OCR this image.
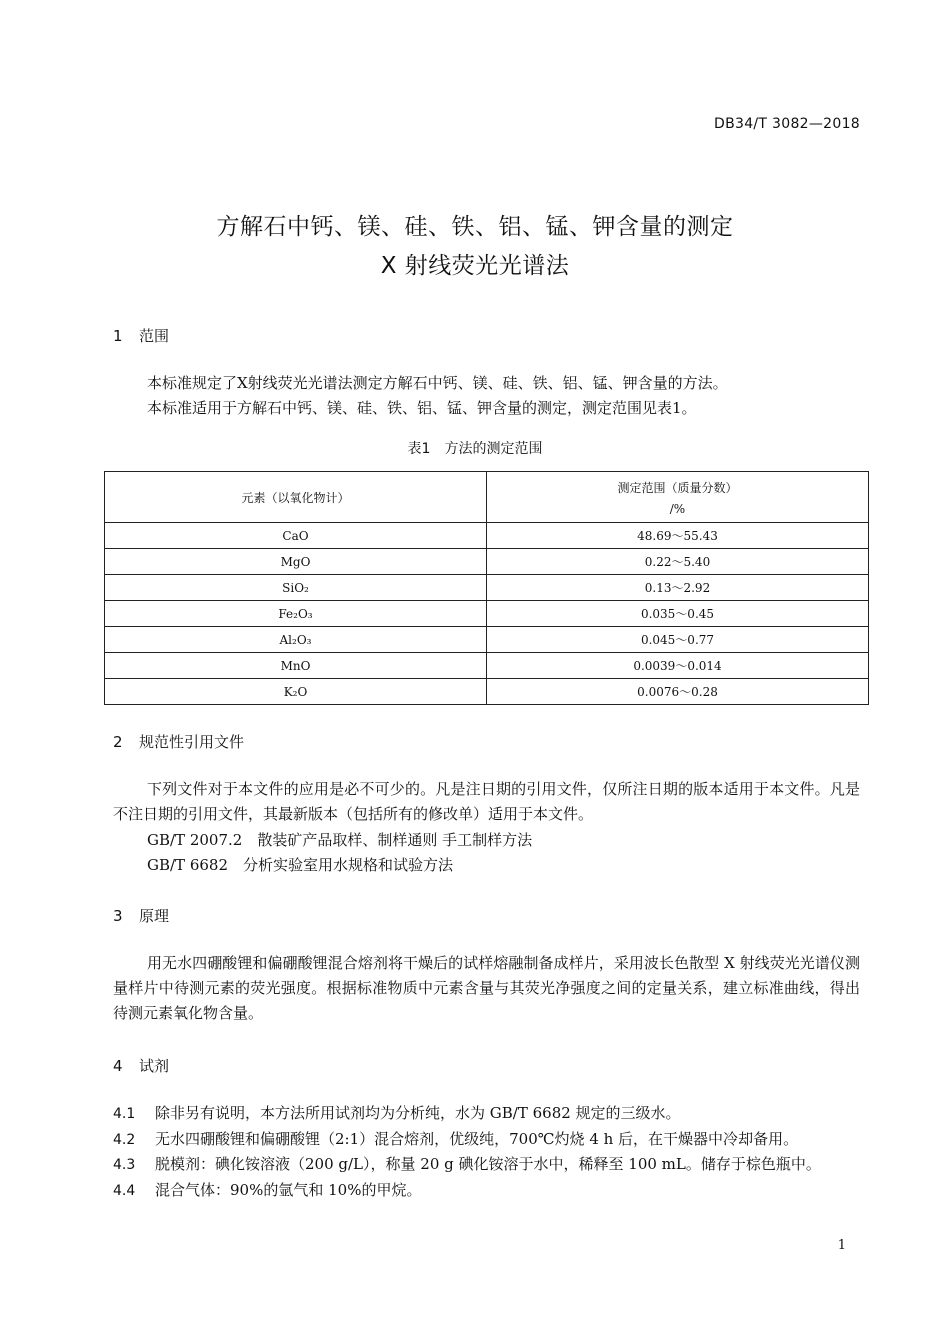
DB34/T 3082—2018
方解石中钙、镁、硅、铁、铝、锰、钾含量的测定
X 射线荧光光谱法
1 范围

本标准规定了X射线荧光光谱法测定方解石中钙、镁、硅、铁、铝、锰、钾含量的方法。

本标准适用于方解石中钙、镁、硅、铁、铝、锰、钾含量的测定，测定范围见表1。

表1　方法的测定范围
元素（以氧化物计）	测定范围（质量分数）
/%

CaO	48.69～55.43
MgO	0.22～5.40
SiO₂	0.13～2.92
Fe₂O₃	0.035～0.45
Al₂O₃	0.045～0.77
MnO	0.0039～0.014
K₂O	0.0076～0.28
2 规范性引用文件

下列文件对于本文件的应用是必不可少的。凡是注日期的引用文件，仅所注日期的版本适用于本文件。凡是不注日期的引用文件，其最新版本（包括所有的修改单）适用于本文件。

GB/T 2007.2　散装矿产品取样、制样通则 手工制样方法
GB/T 6682　分析实验室用水规格和试验方法
3 原理

用无水四硼酸锂和偏硼酸锂混合熔剂将干燥后的试样熔融制备成样片，采用波长色散型 X 射线荧光光谱仪测量样片中待测元素的荧光强度。根据标准物质中元素含量与其荧光净强度之间的定量关系，建立标准曲线，得出待测元素氧化物含量。

4 试剂
4.1 除非另有说明，本方法所用试剂均为分析纯，水为 GB/T 6682 规定的三级水。
4.2 无水四硼酸锂和偏硼酸锂（2:1）混合熔剂，优级纯，700℃灼烧 4 h 后，在干燥器中冷却备用。
4.3 脱模剂：碘化铵溶液（200 g/L），称量 20 g 碘化铵溶于水中，稀释至 100 mL。储存于棕色瓶中。
4.4 混合气体：90%的氩气和 10%的甲烷。
1
